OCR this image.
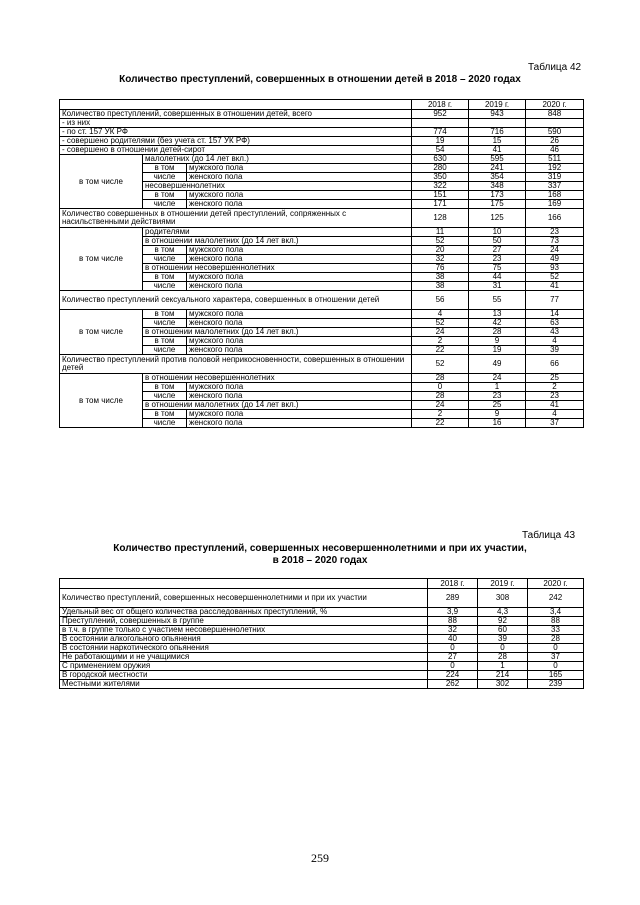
Таблица 42
Количество преступлений, совершенных в отношении детей в 2018 – 2020 годах
			2018 г.	2019 г.	2020 г.
Количество преступлений, совершенных в отношении детей, всего			952	943	848
- из них					
- по ст. 157 УК РФ			774	716	590
- совершено родителями (без учета ст. 157 УК РФ)			19	15	26
- совершено в отношении детей-сирот			54	41	46
в том числе	малолетних (до 14 лет вкл.)		630	595	511
	в том	мужского пола	280	241	192
	числе	женского пола	350	354	319
	несовершеннолетних		322	348	337
	в том	мужского пола	151	173	168
	числе	женского пола	171	175	169
Количество совершенных в отношении детей преступлений, сопряженных с насильственными действиями			128	125	166
в том числе	родителями		11	10	23
	в отношении малолетних (до 14 лет вкл.)		52	50	73
	в том	мужского пола	20	27	24
	числе	женского пола	32	23	49
	в отношении несовершеннолетних		76	75	93
	в том	мужского пола	38	44	52
	числе	женского пола	38	31	41
Количество преступлений сексуального характера, совершенных в отношении детей			56	55	77
в том числе	в том	мужского пола	4	13	14
	числе	женского пола	52	42	63
	в отношении малолетних (до 14 лет вкл.)		24	28	43
	в том	мужского пола	2	9	4
	числе	женского пола	22	19	39
Количество преступлений против половой неприкосновенности, совершенных в отношении детей			52	49	66
в том числе	в отношении несовершеннолетних		28	24	25
	в том	мужского пола	0	1	2
	числе	женского пола	28	23	23
	в отношении малолетних (до 14 лет вкл.)		24	25	41
	в том	мужского пола	2	9	4
	числе	женского пола	22	16	37
Таблица 43
Количество преступлений, совершенных несовершеннолетними и при их участии,
в 2018 – 2020 годах
	2018 г.	2019 г.	2020 г.
Количество преступлений, совершенных несовершеннолетними и при их участии	289	308	242
Удельный вес от общего количества расследованных преступлений, %	3,9	4,3	3,4
Преступлений, совершенных в группе	88	92	88
в т.ч. в группе только с участием несовершеннолетних	32	60	33
В состоянии алкогольного опьянения	40	39	28
В состоянии наркотического опьянения	0	0	0
Не работающими и не учащимися	27	28	37
С применением оружия	0	1	0
В городской местности	224	214	165
Местными жителями	262	302	239
259
